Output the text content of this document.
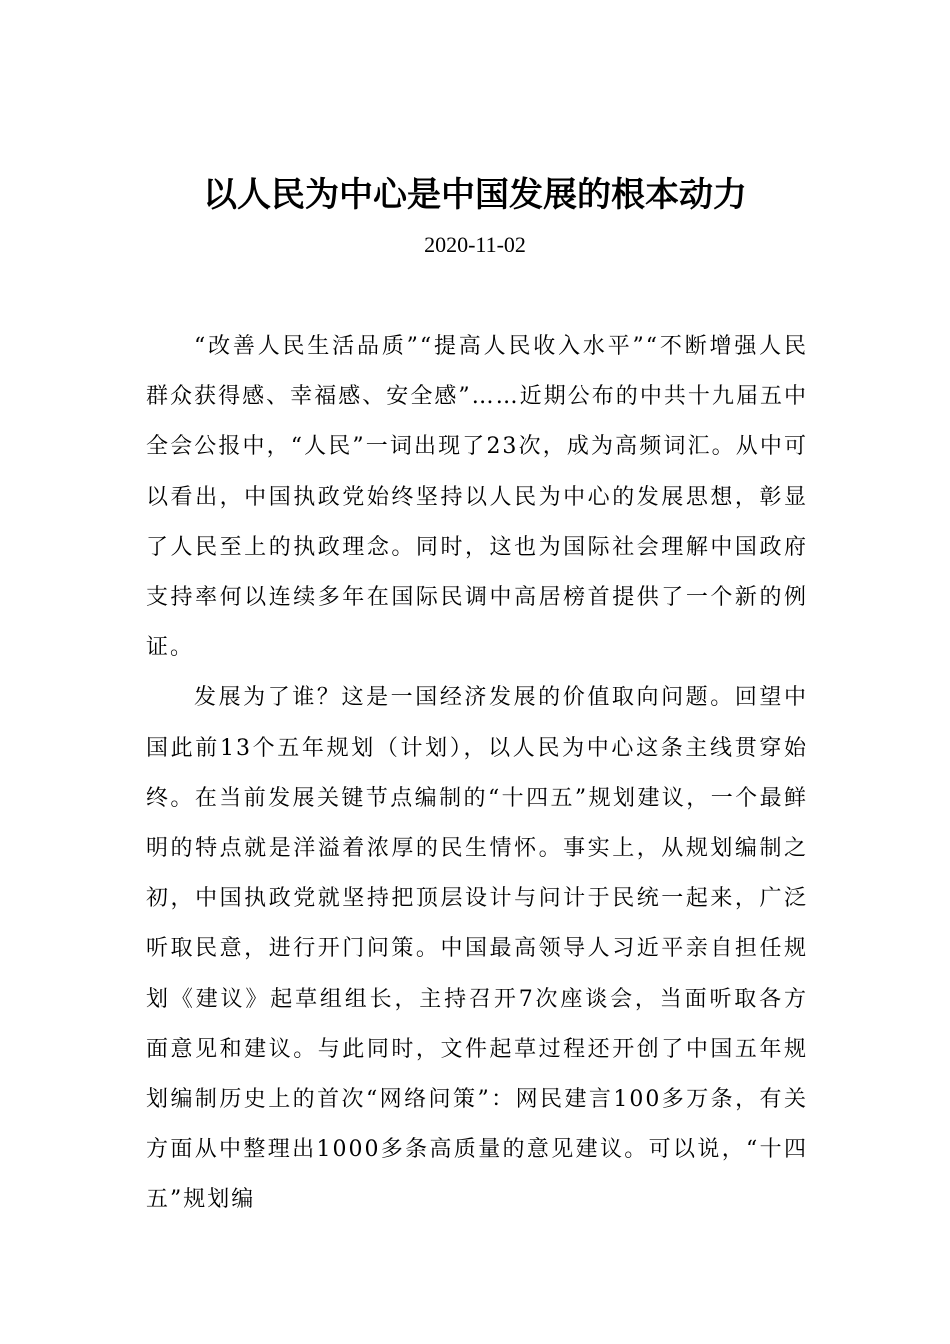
以人民为中心是中国发展的根本动力
2020-11-02

“改善人民生活品质”“提高人民收入水平”“不断增强人民群众获得感、幸福感、安全感”……近期公布的中共十九届五中全会公报中，“人民”一词出现了23次，成为高频词汇。从中可以看出，中国执政党始终坚持以人民为中心的发展思想，彰显了人民至上的执政理念。同时，这也为国际社会理解中国政府支持率何以连续多年在国际民调中高居榜首提供了一个新的例证。

发展为了谁？这是一国经济发展的价值取向问题。回望中国此前13个五年规划（计划），以人民为中心这条主线贯穿始终。在当前发展关键节点编制的“十四五”规划建议，一个最鲜明的特点就是洋溢着浓厚的民生情怀。事实上，从规划编制之初，中国执政党就坚持把顶层设计与问计于民统一起来，广泛听取民意，进行开门问策。中国最高领导人习近平亲自担任规划《建议》起草组组长，主持召开7次座谈会，当面听取各方面意见和建议。与此同时，文件起草过程还开创了中国五年规划编制历史上的首次“网络问策”：网民建言100多万条，有关方面从中整理出1000多条高质量的意见建议。可以说，“十四五”规划编
